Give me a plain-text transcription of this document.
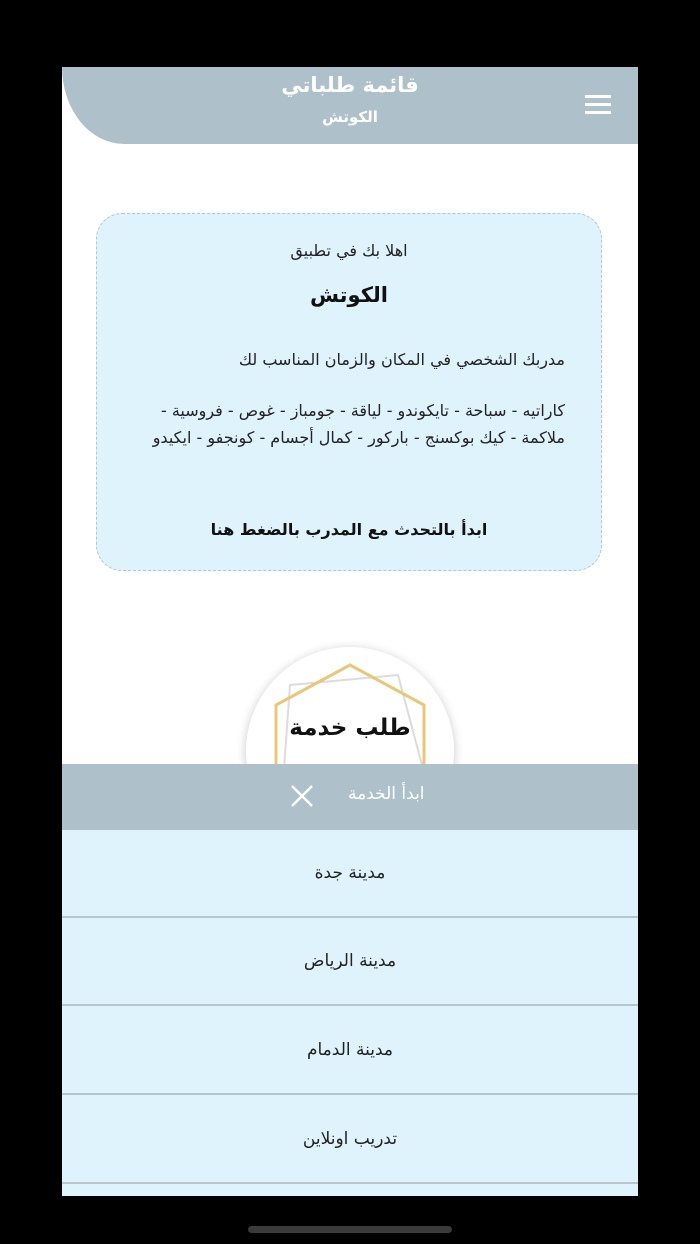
قائمة طلباتي
الكوتش
اهلا بك في تطبيق
الكوتش
مدربك الشخصي في المكان والزمان المناسب لك
كاراتيه - سباحة - تايكوندو - لياقة - جومباز - غوص - فروسية - ملاكمة - كيك بوكسنج - باركور - كمال أجسام - كونجفو - ايكيدو
ابدأ بالتحدث مع المدرب بالضغط هنا
طلب خدمة
ابدأ الخدمة
مدينة جدة
مدينة الرياض
مدينة الدمام
تدريب اونلاين
